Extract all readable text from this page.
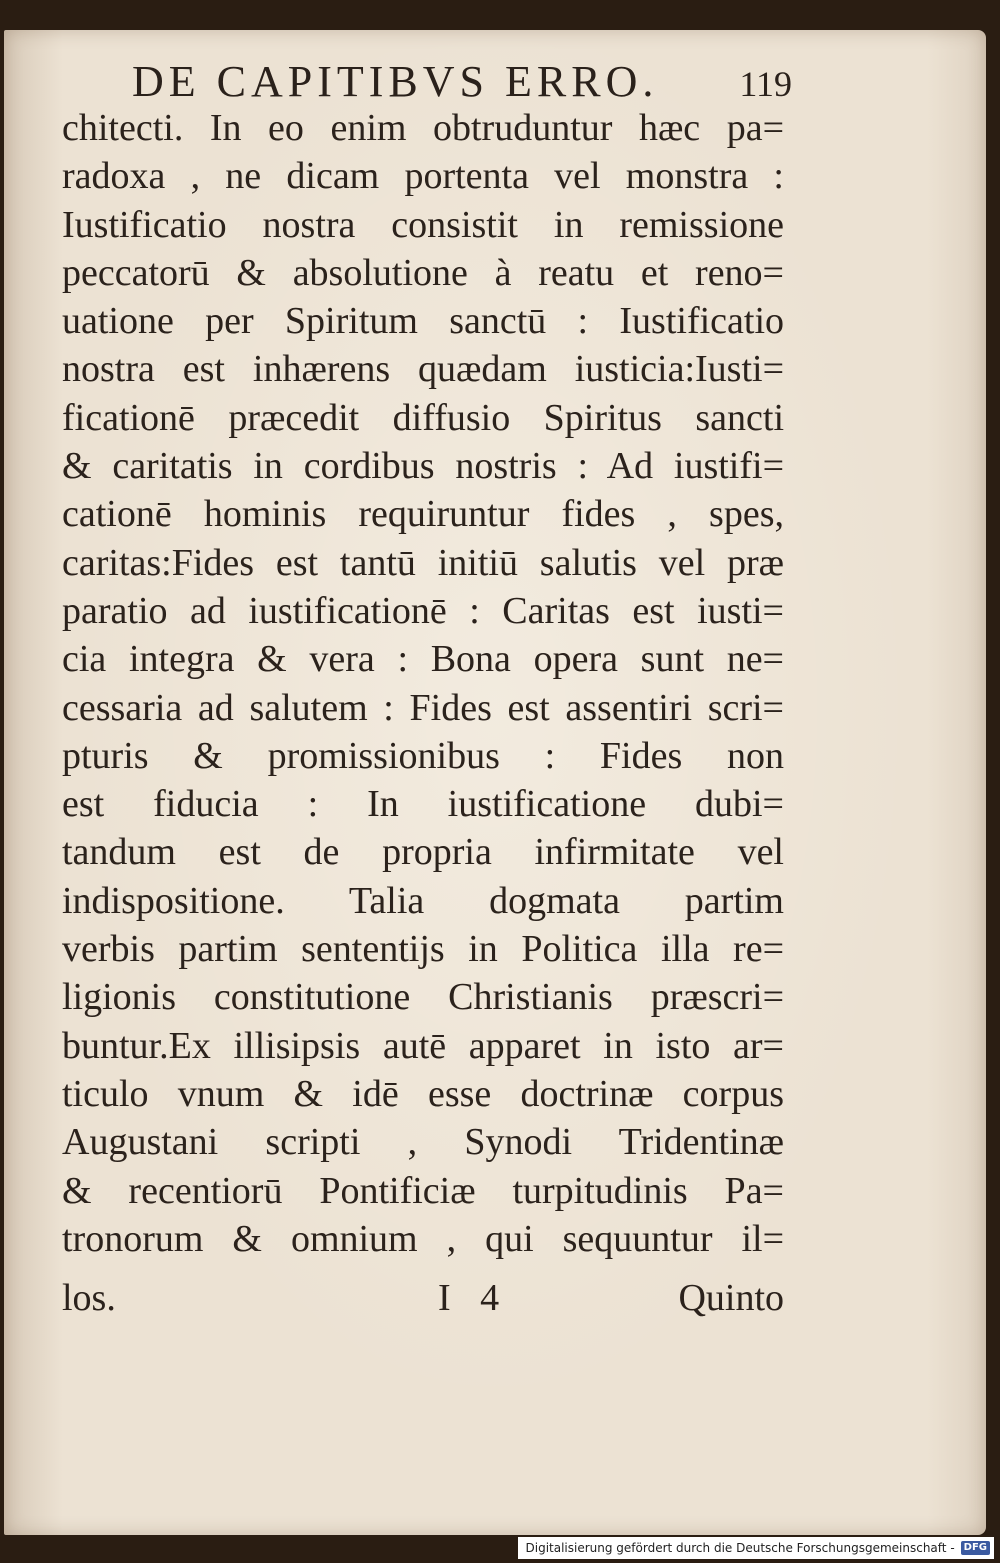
DE CAPITIBVS ERRO. 119
chitecti. In eo enim obtruduntur hæc pa=
radoxa , ne dicam portenta vel monstra :
Iustificatio nostra consistit in remissione
peccatorū & absolutione à reatu et reno=
uatione per Spiritum sanctū : Iustificatio
nostra est inhærens quædam iusticia:Iusti=
ficationē præcedit diffusio Spiritus sancti
& caritatis in cordibus nostris : Ad iustifi=
cationē hominis requiruntur fides , spes,
caritas:Fides est tantū initiū salutis vel præ
paratio ad iustificationē : Caritas est iusti=
cia integra & vera : Bona opera sunt ne=
cessaria ad salutem : Fides est assentiri scri=
pturis & promissionibus : Fides non
est fiducia : In iustificatione dubi=
tandum est de propria infirmitate vel
indispositione. Talia dogmata partim
verbis partim sententijs in Politica illa re=
ligionis constitutione Christianis præscri=
buntur.Ex illisipsis autē apparet in isto ar=
ticulo vnum & idē esse doctrinæ corpus
Augustani scripti , Synodi Tridentinæ
& recentiorū Pontificiæ turpitudinis Pa=
tronorum & omnium , qui sequuntur il=
los.	I 4	Quinto
Digitalisierung gefördert durch die Deutsche Forschungsgemeinschaft - DFG
